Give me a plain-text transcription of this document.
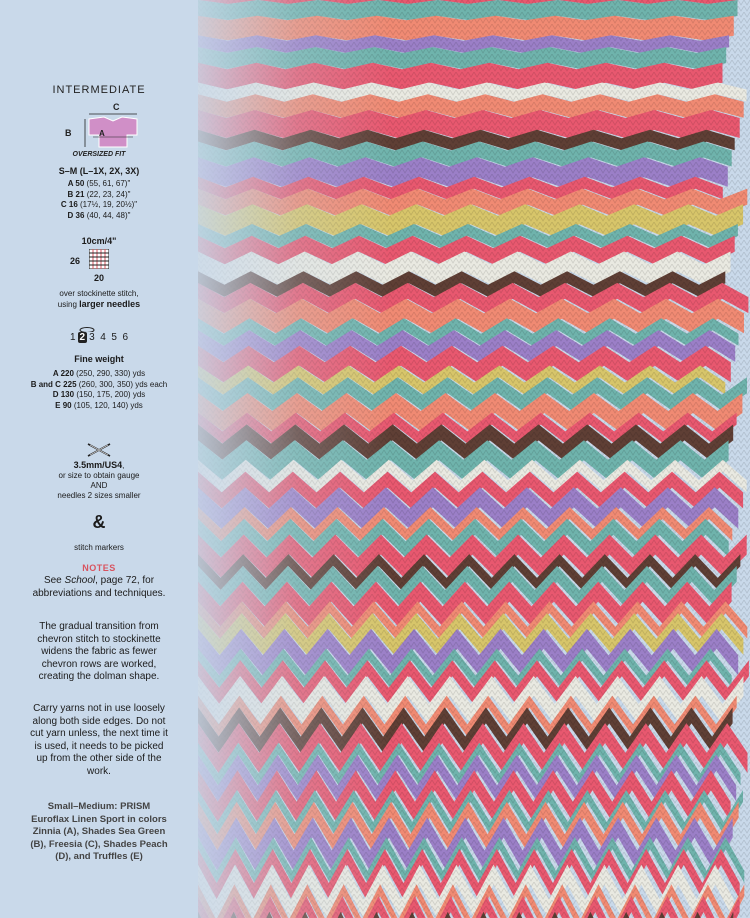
INTERMEDIATE
C
A
B
OVERSIZED FIT
S–M (L–1X, 2X, 3X)
A 50 (55, 61, 67)"
B 21 (22, 23, 24)"
C 16 (17½, 19, 20½)"
D 36 (40, 44, 48)"
10cm/4"
26
20
over stockinette stitch,
using larger needles
1 2 3  4  5  6
Fine weight
A 220 (250, 290, 330) yds
B and C 225 (260, 300, 350) yds each
D 130 (150, 175, 200) yds
E 90 (105, 120, 140) yds
3.5mm/US4,
or size to obtain gauge
AND
needles 2 sizes smaller
&
stitch markers
NOTES
See School, page 72, for abbreviations and techniques.
The gradual transition from chevron stitch to stockinette widens the fabric as fewer chevron rows are worked, creating the dolman shape.
Carry yarns not in use loosely along both side edges. Do not cut yarn unless, the next time it is used, it needs to be picked up from the other side of the work.
Small–Medium: PRISM Euroflax Linen Sport in colors Zinnia (A), Shades Sea Green (B), Freesia (C), Shades Peach (D), and Truffles (E)
